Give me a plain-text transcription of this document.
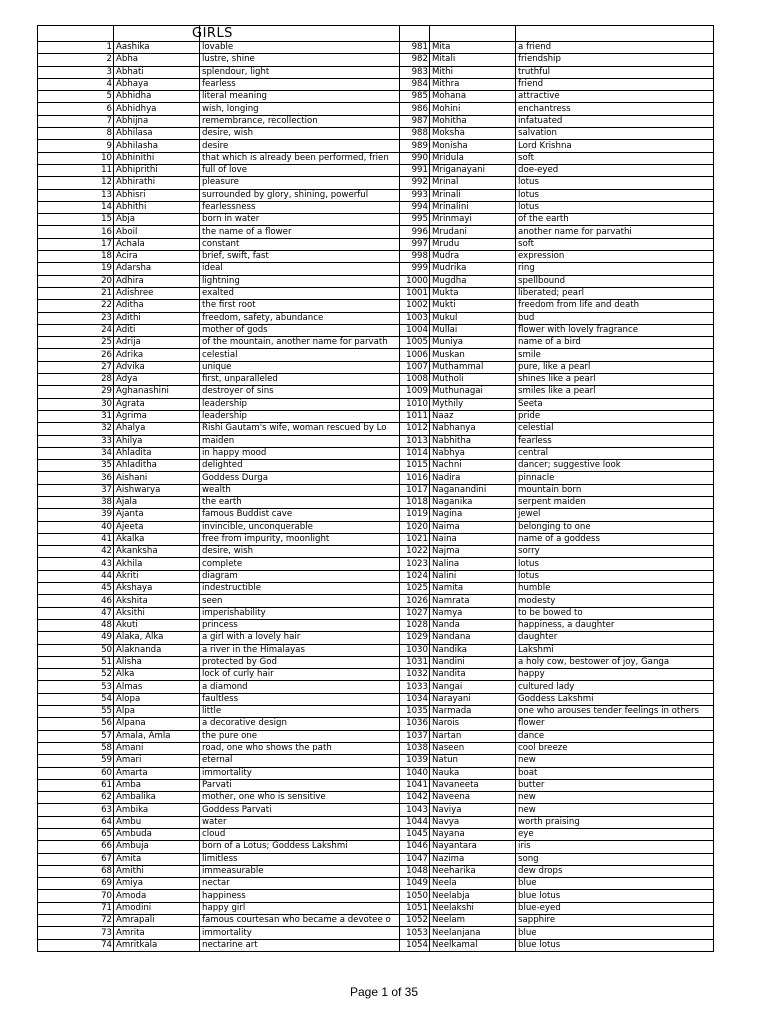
		GIRLS			
1	Aashika	lovable	981	Mita	a friend
2	Abha	lustre, shine	982	Mitali	friendship
3	Abhati	splendour, light	983	Mithi	truthful
4	Abhaya	fearless	984	Mithra	friend
5	Abhidha	literal meaning	985	Mohana	attractive
6	Abhidhya	wish, longing	986	Mohini	enchantress
7	Abhijna	remembrance, recollection	987	Mohitha	infatuated
8	Abhilasa	desire, wish	988	Moksha	salvation
9	Abhilasha	desire	989	Monisha	Lord Krishna
10	Abhinithi	that which is already been performed, frien	990	Mridula	soft
11	Abhiprithi	full of love	991	Mriganayani	doe-eyed
12	Abhirathi	pleasure	992	Mrinal	lotus
13	Abhisri	surrounded by glory, shining, powerful	993	Mrinali	lotus
14	Abhithi	fearlessness	994	Mrinalini	lotus
15	Abja	born in water	995	Mrinmayi	of the earth
16	Aboil	the name of a flower	996	Mrudani	another name for parvathi
17	Achala	constant	997	Mrudu	soft
18	Acira	brief, swift, fast	998	Mudra	expression
19	Adarsha	ideal	999	Mudrika	ring
20	Adhira	lightning	1000	Mugdha	spellbound
21	Adishree	exalted	1001	Mukta	liberated; pearl
22	Aditha	the first root	1002	Mukti	freedom from life and death
23	Adithi	freedom, safety, abundance	1003	Mukul	bud
24	Aditi	mother of gods	1004	Mullai	flower with lovely fragrance
25	Adrija	of the mountain, another name for parvath	1005	Muniya	name of a bird
26	Adrika	celestial	1006	Muskan	smile
27	Advika	unique	1007	Muthammal	pure, like a pearl
28	Adya	first, unparalleled	1008	Mutholi	shines like a pearl
29	Aghanashini	destroyer of sins	1009	Muthunagai	smiles like a pearl
30	Agrata	leadership	1010	Mythily	Seeta
31	Agrima	leadership	1011	Naaz	pride
32	Ahalya	Rishi Gautam's wife, woman rescued by Lo	1012	Nabhanya	celestial
33	Ahilya	maiden	1013	Nabhitha	fearless
34	Ahladita	in happy mood	1014	Nabhya	central
35	Ahladitha	delighted	1015	Nachni	dancer; suggestive look
36	Aishani	Goddess Durga	1016	Nadira	pinnacle
37	Aishwarya	wealth	1017	Naganandini	mountain born
38	Ajala	the earth	1018	Naganika	serpent maiden
39	Ajanta	famous Buddist cave	1019	Nagina	jewel
40	Ajeeta	invincible, unconquerable	1020	Naima	belonging to one
41	Akalka	free from impurity, moonlight	1021	Naina	name of a goddess
42	Akanksha	desire, wish	1022	Najma	sorry
43	Akhila	complete	1023	Nalina	lotus
44	Akriti	diagram	1024	Nalini	lotus
45	Akshaya	indestructible	1025	Namita	humble
46	Akshita	seen	1026	Namrata	modesty
47	Aksithi	imperishability	1027	Namya	to be bowed to
48	Akuti	princess	1028	Nanda	happiness, a daughter
49	Alaka, Alka	a girl with a lovely hair	1029	Nandana	daughter
50	Alaknanda	a river in the Himalayas	1030	Nandika	Lakshmi
51	Alisha	protected by God	1031	Nandini	a holy cow, bestower of joy, Ganga
52	Alka	lock of curly hair	1032	Nandita	happy
53	Almas	a diamond	1033	Nangai	cultured lady
54	Alopa	faultless	1034	Narayani	Goddess Lakshmi
55	Alpa	little	1035	Narmada	one who arouses tender feelings in others
56	Alpana	a decorative design	1036	Narois	flower
57	Amala, Amla	the pure one	1037	Nartan	dance
58	Amani	road, one who shows the path	1038	Naseen	cool breeze
59	Amari	eternal	1039	Natun	new
60	Amarta	immortality	1040	Nauka	boat
61	Amba	Parvati	1041	Navaneeta	butter
62	Ambalika	mother, one who is sensitive	1042	Naveena	new
63	Ambika	Goddess Parvati	1043	Naviya	new
64	Ambu	water	1044	Navya	worth praising
65	Ambuda	cloud	1045	Nayana	eye
66	Ambuja	born of a Lotus; Goddess Lakshmi	1046	Nayantara	iris
67	Amita	limitless	1047	Nazima	song
68	Amithi	immeasurable	1048	Neeharika	dew drops
69	Amiya	nectar	1049	Neela	blue
70	Amoda	happiness	1050	Neelabja	blue lotus
71	Amodini	happy girl	1051	Neelakshi	blue-eyed
72	Amrapali	famous courtesan who became a devotee o	1052	Neelam	sapphire
73	Amrita	immortality	1053	Neelanjana	blue
74	Amritkala	nectarine art	1054	Neelkamal	blue lotus
Page 1 of 35
